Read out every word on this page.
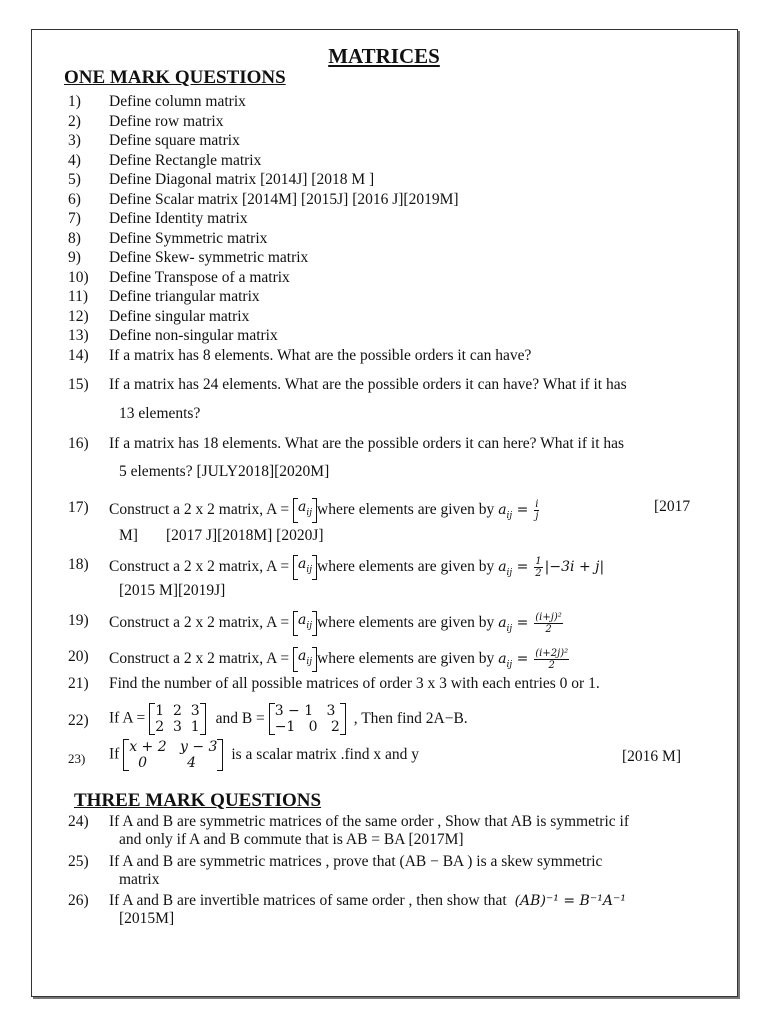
MATRICES
ONE MARK QUESTIONS
1)	Define column matrix
2)	Define row matrix
3)	Define square matrix
4)	Define Rectangle matrix
5)	Define Diagonal matrix [2014J] [2018 M ]
6)	Define Scalar matrix [2014M] [2015J] [2016 J][2019M]
7)	Define Identity matrix
8)	Define Symmetric matrix
9)	Define Skew- symmetric matrix
10)	Define Transpose of a matrix
11)	Define triangular matrix
12)	Define singular matrix
13)	Define non-singular matrix
14)	If a matrix has 8 elements. What are the possible orders it can have?
15)	If a matrix has 24 elements. What are the possible orders it can have? What if it has
13 elements?
16)	If a matrix has 18 elements. What are the possible orders it can here? What if it has
5 elements? [JULY2018][2020M]
17)	Construct a 2 x 2 matrix, $A = a_{ij}$ where elements are given by $a_{ij} = \frac{i}{j}$	[2017
M] [2017 J][2018M] [2020J]
18)	Construct a 2 x 2 matrix, $A = a_{ij}$ where elements are given by $a_{ij} = \frac{1}{2} |-3i + j|$
[2015 M][2019J]
19)	Construct a 2 x 2 matrix, $A = a_{ij}$ where elements are given by $a_{ij} = \frac{\text{(i+j)²}}{2}$
20)	Construct a 2 x 2 matrix, $A = a_{ij}$ where elements are given by $a_{ij} = \frac{\text{(i+2j)²}}{2}$
21)	Find the number of all possible matrices of order 3 x 3 with each entries 0 or 1.
22)	If A = 1  2  3
2  3  1
and B = 3 − 1   3
−1   0   2
, Then find 2A−B.
23)	If x + 2   y − 3
0         4
is a scalar matrix .find x and y	[2016 M]
THREE MARK QUESTIONS
24)	If A and B are symmetric matrices of the same order , Show that AB is symmetric if
and only if A and B commute that is AB = BA [2017M]
25)	If A and B are symmetric matrices , prove that (AB − BA ) is a skew symmetric
matrix
26)	If A and B are invertible matrices of same order , then show that (AB)⁻¹ = B⁻¹A⁻¹
[2015M]
